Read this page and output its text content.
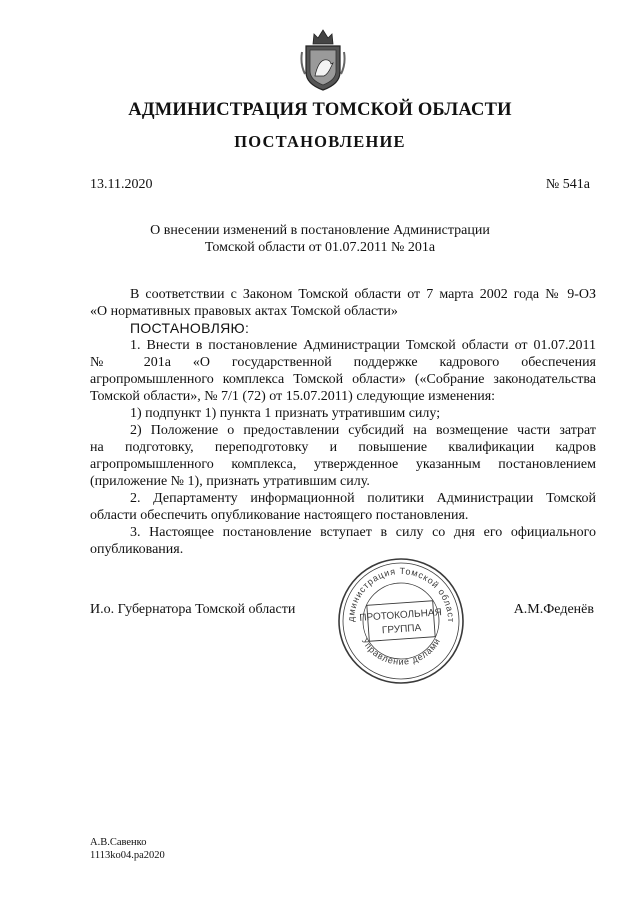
АДМИНИСТРАЦИЯ ТОМСКОЙ ОБЛАСТИ
ПОСТАНОВЛЕНИЕ
13.11.2020	№ 541а
О внесении изменений в постановление Администрации
Томской области от 01.07.2011 № 201а
В соответствии с Законом Томской области от 7 марта 2002 года № 9-ОЗ
«О нормативных правовых актах Томской области»
ПОСТАНОВЛЯЮ:
1. Внести в постановление Администрации Томской области от 01.07.2011
№ 201а «О государственной поддержке кадрового обеспечения
агропромышленного комплекса Томской области» («Собрание законодательства
Томской области», № 7/1 (72) от 15.07.2011) следующие изменения:
1) подпункт 1) пункта 1 признать утратившим силу;
2) Положение о предоставлении субсидий на возмещение части затрат
на подготовку, переподготовку и повышение квалификации кадров
агропромышленного комплекса, утвержденное указанным постановлением
(приложение № 1), признать утратившим силу.
2. Департаменту информационной политики Администрации Томской
области обеспечить опубликование настоящего постановления.
3. Настоящее постановление вступает в силу со дня его официального
опубликования.
И.о. Губернатора Томской области	А.М.Феденёв
дминистрация Томской област
Управление делами
ПРОТОКОЛЬНАЯ
ГРУППА
А.В.Савенко
1113ko04.pa2020
